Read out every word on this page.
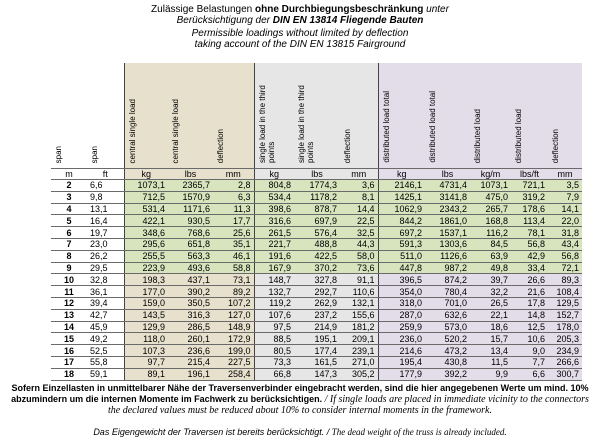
Zulässige Belastungen ohne Durchbiegungsbeschränkung unter
Berücksichtigung der DIN EN 13814 Fliegende Bauten
Permissible loadings without limited by deflection
taking account of the DIN EN 13815 Fairground
span	span	central single load	central single load	deflection	single load in the third points	single load in the third points	deflection	distributed load total	distributed load total	distributed load	distributed load	deflection
m	ft	kg	lbs	mm	kg	lbs	mm	kg	lbs	kg/m	lbs/ft	mm
2	6,6	1073,1	2365,7	2,8	804,8	1774,3	3,6	2146,1	4731,4	1073,1	721,1	3,5
3	9,8	712,5	1570,9	6,3	534,4	1178,2	8,1	1425,1	3141,8	475,0	319,2	7,9
4	13,1	531,4	1171,6	11,3	398,6	878,7	14,4	1062,9	2343,2	265,7	178,6	14,1
5	16,4	422,1	930,5	17,7	316,6	697,9	22,5	844,2	1861,0	168,8	113,4	22,0
6	19,7	348,6	768,6	25,6	261,5	576,4	32,5	697,2	1537,1	116,2	78,1	31,8
7	23,0	295,6	651,8	35,1	221,7	488,8	44,3	591,3	1303,6	84,5	56,8	43,4
8	26,2	255,5	563,3	46,1	191,6	422,5	58,0	511,0	1126,6	63,9	42,9	56,8
9	29,5	223,9	493,6	58,8	167,9	370,2	73,6	447,8	987,2	49,8	33,4	72,1
10	32,8	198,3	437,1	73,1	148,7	327,8	91,1	396,5	874,2	39,7	26,6	89,3
11	36,1	177,0	390,2	89,2	132,7	292,7	110,6	354,0	780,4	32,2	21,6	108,4
12	39,4	159,0	350,5	107,2	119,2	262,9	132,1	318,0	701,0	26,5	17,8	129,5
13	42,7	143,5	316,3	127,0	107,6	237,2	155,6	287,0	632,6	22,1	14,8	152,7
14	45,9	129,9	286,5	148,9	97,5	214,9	181,2	259,9	573,0	18,6	12,5	178,0
15	49,2	118,0	260,1	172,9	88,5	195,1	209,1	236,0	520,2	15,7	10,6	205,3
16	52,5	107,3	236,6	199,0	80,5	177,4	239,1	214,6	473,2	13,4	9,0	234,9
17	55,8	97,7	215,4	227,5	73,3	161,5	271,0	195,4	430,8	11,5	7,7	266,6
18	59,1	89,1	196,1	258,4	66,8	147,3	305,2	177,9	392,2	9,9	6,6	300,7
Sofern Einzellasten in unmittelbarer Nähe der Traversenverbinder eingebracht werden, sind die hier angegebenen Werte um mind. 10% abzumindern um die internen Momente im Fachwerk zu berücksichtigen. / If single loads are placed in immediate vicinity to the connectors the declared values must be reduced about 10% to consider internal moments in the framework.
Das Eigengewicht der Traversen ist bereits berücksichtigt. / The dead weight of the truss is already included.
